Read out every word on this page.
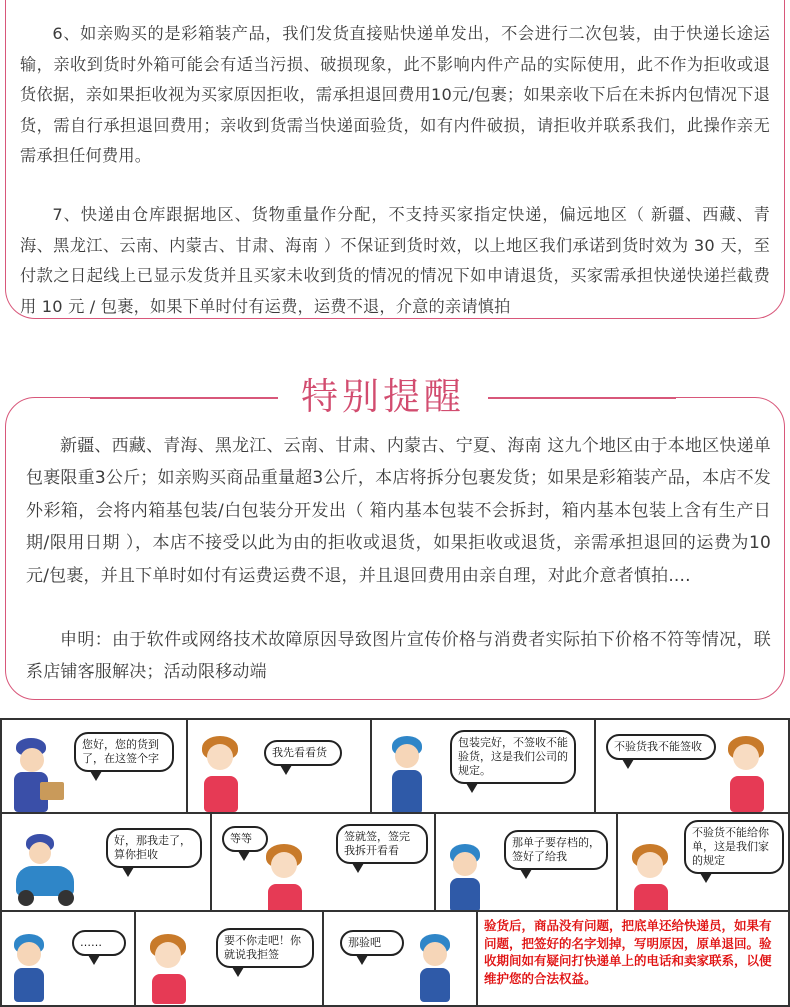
6、如亲购买的是彩箱装产品，我们发货直接贴快递单发出，不会进行二次包装，由于快递长途运输，亲收到货时外箱可能会有适当污损、破损现象，此不影响内件产品的实际使用，此不作为拒收或退货依据，亲如果拒收视为买家原因拒收，需承担退回费用10元/包裹；如果亲收下后在未拆内包情况下退货，需自行承担退回费用；亲收到货需当快递面验货，如有内件破损，请拒收并联系我们，此操作亲无需承担任何费用。

7、快递由仓库跟据地区、货物重量作分配，不支持买家指定快递，偏远地区（ 新疆、西藏、青海、黑龙江、云南、内蒙古、甘肃、海南 ）不保证到货时效，以上地区我们承诺到货时效为 30 天，至付款之日起线上已显示发货并且买家未收到货的情况的情况下如申请退货，买家需承担快递快递拦截费用 10 元 / 包裹，如果下单时付有运费，运费不退，介意的亲请慎拍

特别提醒

新疆、西藏、青海、黑龙江、云南、甘肃、内蒙古、宁夏、海南 这九个地区由于本地区快递单包裹限重3公斤；如亲购买商品重量超3公斤，本店将拆分包裹发货；如果是彩箱装产品，本店不发外彩箱，会将内箱基包装/白包装分开发出（ 箱内基本包装不会拆封，箱内基本包装上含有生产日期/限用日期 ），本店不接受以此为由的拒收或退货，如果拒收或退货，亲需承担退回的运费为10元/包裹，并且下单时如付有运费运费不退，并且退回费用由亲自理，对此介意者慎拍....

申明：由于软件或网络技术故障原因导致图片宣传价格与消费者实际拍下价格不符等情况，联系店铺客服解决；活动限移动端

您好，您的货到了，在这签个字	我先看看货
包装完好，不签收不能验货，这是我们公司的规定。
不验货我不能签收
好，那我走了，算你拒收
等等	签就签，签完我拆开看看
那单子要存档的，签好了给我
不验货不能给你单，这是我们家的规定
……	要不你走吧！你就说我拒签
那验吧

验货后，商品没有问题，把底单还给快递员，如果有问题，把签好的名字划掉，写明原因，原单退回。验收期间如有疑问打快递单上的电话和卖家联系，以便维护您的合法权益。
